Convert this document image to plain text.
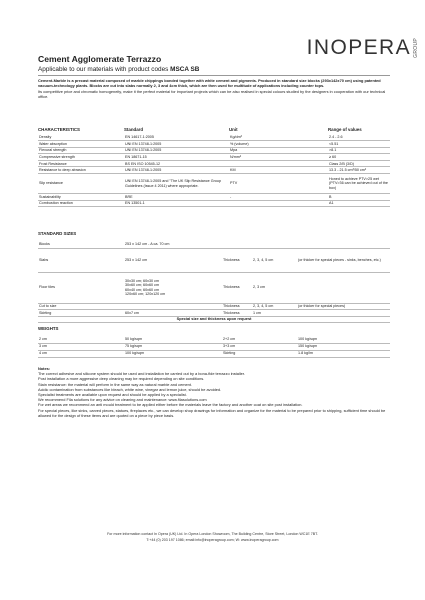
INOPERA GROUP
Cement Agglomerate Terrazzo
Applicable to our materials with product codes MSCA SB

Cement-Marble is a precast material composed of marble chippings bonded together with white cement and pigments. Produced in standard size blocks (293x142x70 cm) using patented vacuum-technology plants. Blocks are cut into slabs normally 2, 3 and 4cm thick, which are then used for multitude of applications including counter tops.

Its competitive price and chromatic homogeneity, make it the perfect material for important projects which can be also realised in special colours studied by the designers in cooperation with our technical office.

CHARACTERISTICS	Standard	Unit	Range of values
Density	EN 14617-1:2005	Kg/dm³	2.4 - 2.6
Water absorption	UNI EN 13748-1:2005	% (volume)	<5.51
Flexural strength	UNI EN 13748-1:2005	Mpa	>8.1
Compressive strength	EN 18671-15	N/mm²	≥ 60
Frost Resistance	BS EN ISO 10545-12		Class 2/B (3/D)
Resistance to deep abrasion	UNI EN 13748-1:2005	KM	13.3 - 21.5 cm³/50 cm²
Slip resistance	UNI EN 13748-1:2005 and "The UK Slip Resistance Group Guidelines (Issue 4 2011) where appropriate.	PTV	Honed to achieve PTV>25 wet (PTV>36 can be achieved out of the box)
Sustainability	BRE	-	B
Combustion reaction	EN 13501-1		A1
STANDARD SIZES
Blocks	253 x 142 cm - A ca. 70 cm			
Slabs	253 x 142 cm	Thickness	2, 3, 4, 5 cm	(or thicker for special pieces - sinks, benches, etc.)
Floor tiles	30x30 cm; 60x30 cm
30x60 cm; 60x60 cm
60x40 cm; 60x60 cm
120x60 cm; 120x120 cm	Thickness	2, 3 cm	
Cut to size		Thickness	2, 3, 4, 5 cm	(or thicker for special pieces)
Skirting	60x7 cm	Thickness	1 cm	
Special size and thickness upon request				
WEIGHTS
2 cm	50 kg/sqm	2+2 cm	100 kg/sqm
3 cm	75 kg/sqm	3+3 cm	150 kg/sqm
4 cm	100 kg/sqm	Skirting	1.8 kg/lm

Notes:

The correct adhesive and silicone system should be used and installation be carried out by a bona-fide terrazzo installer.

Post installation a more aggressive deep cleaning may be required depending on site conditions.

Stain resistance: the material will perform in the same way as natural marble and cement.

Acidic contamination from substances like bleach, white wine, vinegar and lemon juice, should be avoided.

Specialist treatments are available upon request and should be applied by a specialist.

We recommend Fila solutions for any advice on cleaning and maintenance: www.filasolutions.com

For wet areas we recommend an anti mould treatment to be applied either before the materials leave the factory and another coat on site post installation.

For special pieces, like sinks, carved pieces, statues, fireplaces etc., we can develop shop drawings for information and organize for the material to be prepared prior to shipping, sufficient time should be allowed for the design of these items and are quoted on a piece by piece basis.

For more information contact In Opera (UK) Ltd. In Opera London Showroom, The Building Centre, Store Street, London WC1E 7BT.

T:+44 (0) 203 197 1086; email:info@inoperagroup.com; W: www.inoperagroup.com
